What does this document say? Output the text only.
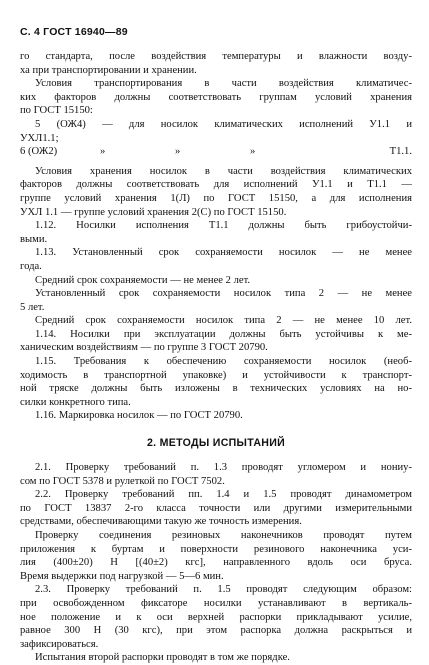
С. 4 ГОСТ 16940—89
го стандарта, после воздействия температуры и влажности возду-
ха при транспортировании и хранении.
Условия транспортирования в части воздействия климатичес-
ких факторов должны соответствовать группам условий хранения
по ГОСТ 15150:
5 (ОЖ4) — для носилок климатических исполнений У1.1 и
УХЛ1.1;
6 (ОЖ2)	»	»	»	Т1.1.
Условия хранения носилок в части воздействия климатических
факторов должны соответствовать для исполнений У1.1 и Т1.1 —
группе условий хранения 1(Л) по ГОСТ 15150, а для исполнения
УХЛ 1.1 — группе условий хранения 2(С) по ГОСТ 15150.
1.12. Носилки исполнения Т1.1 должны быть грибоустойчи-
выми.
1.13. Установленный срок сохраняемости носилок — не менее
года.
Средний срок сохраняемости — не менее 2 лет.
Установленный срок сохраняемости носилок типа 2 — не менее
5 лет.
Средний срок сохраняемости носилок типа 2 — не менее 10 лет.
1.14. Носилки при эксплуатации должны быть устойчивы к ме-
ханическим воздействиям — по группе 3 ГОСТ 20790.
1.15. Требования к обеспечению сохраняемости носилок (необ-
ходимость в транспортной упаковке) и устойчивости к транспорт-
ной тряске должны быть изложены в технических условиях на но-
силки конкретного типа.
1.16. Маркировка носилок — по ГОСТ 20790.
2. МЕТОДЫ ИСПЫТАНИЙ
2.1. Проверку требований п. 1.3 проводят угломером и нониу-
сом по ГОСТ 5378 и рулеткой по ГОСТ 7502.
2.2. Проверку требований пп. 1.4 и 1.5 проводят динамометром
по ГОСТ 13837 2-го класса точности или другими измерительными
средствами, обеспечивающими такую же точность измерения.
Проверку соединения резиновых наконечников проводят путем
приложения к буртам и поверхности резинового наконечника уси-
лия (400±20) Н [(40±2) кгс], направленного вдоль оси бруса.
Время выдержки под нагрузкой — 5—6 мин.
2.3. Проверку требований п. 1.5 проводят следующим образом:
при освобожденном фиксаторе носилки устанавливают в вертикаль-
ное положение и к оси верхней распорки прикладывают усилие,
равное 300 Н (30 кгс), при этом распорка должна раскрыться и
зафиксироваться.
Испытания второй распорки проводят в том же порядке.
